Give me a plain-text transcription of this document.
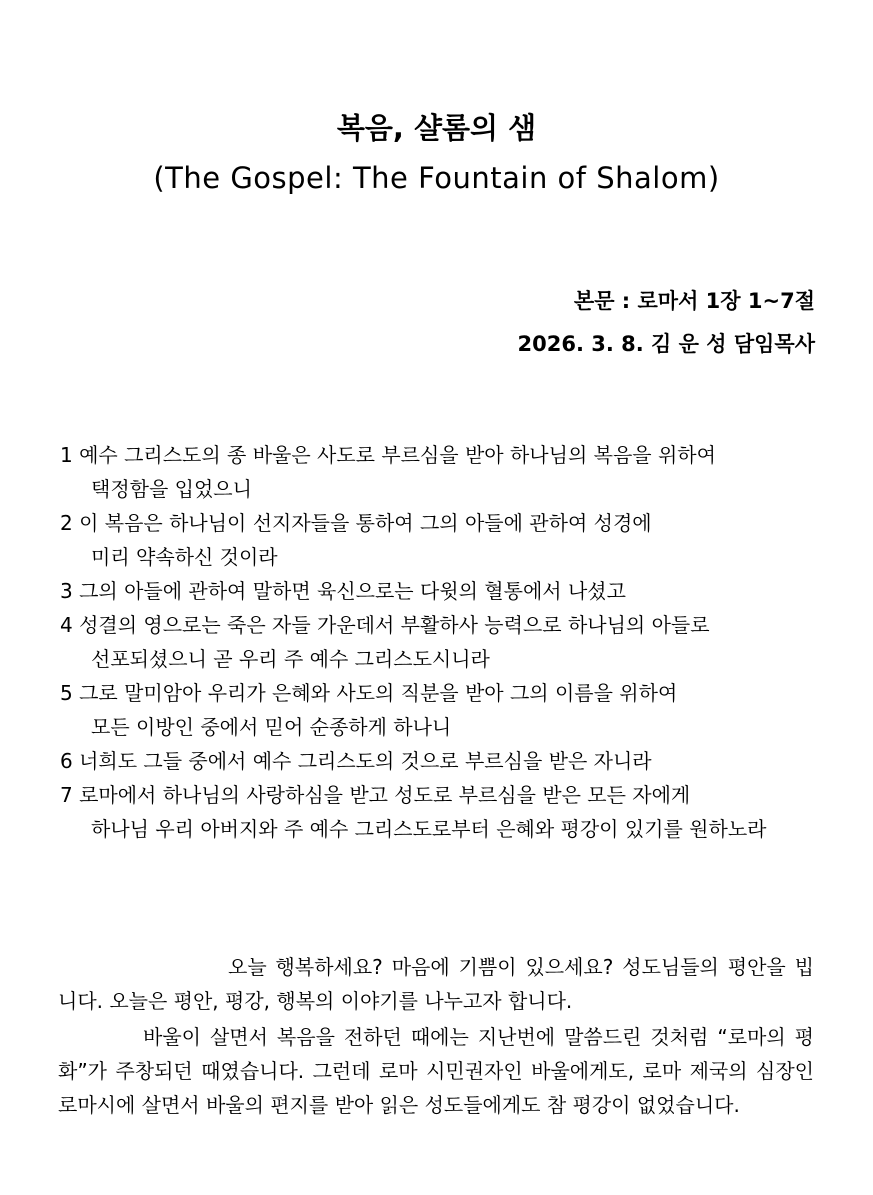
복음, 샬롬의 샘
(The Gospel: The Fountain of Shalom)

본문 : 로마서 1장 1~7절

2026. 3. 8. 김 운 성 담임목사

1 예수 그리스도의 종 바울은 사도로 부르심을 받아 하나님의 복음을 위하여
택정함을 입었으니
2 이 복음은 하나님이 선지자들을 통하여 그의 아들에 관하여 성경에
미리 약속하신 것이라
3 그의 아들에 관하여 말하면 육신으로는 다윗의 혈통에서 나셨고
4 성결의 영으로는 죽은 자들 가운데서 부활하사 능력으로 하나님의 아들로
선포되셨으니 곧 우리 주 예수 그리스도시니라
5 그로 말미암아 우리가 은혜와 사도의 직분을 받아 그의 이름을 위하여
모든 이방인 중에서 믿어 순종하게 하나니
6 너희도 그들 중에서 예수 그리스도의 것으로 부르심을 받은 자니라
7 로마에서 하나님의 사랑하심을 받고 성도로 부르심을 받은 모든 자에게
하나님 우리 아버지와 주 예수 그리스도로부터 은혜와 평강이 있기를 원하노라

오늘 행복하세요? 마음에 기쁨이 있으세요? 성도님들의 평안을 빕니다. 오늘은 평안, 평강, 행복의 이야기를 나누고자 합니다.

바울이 살면서 복음을 전하던 때에는 지난번에 말씀드린 것처럼 “로마의 평화”가 주창되던 때였습니다. 그런데 로마 시민권자인 바울에게도, 로마 제국의 심장인 로마시에 살면서 바울의 편지를 받아 읽은 성도들에게도 참 평강이 없었습니다.
